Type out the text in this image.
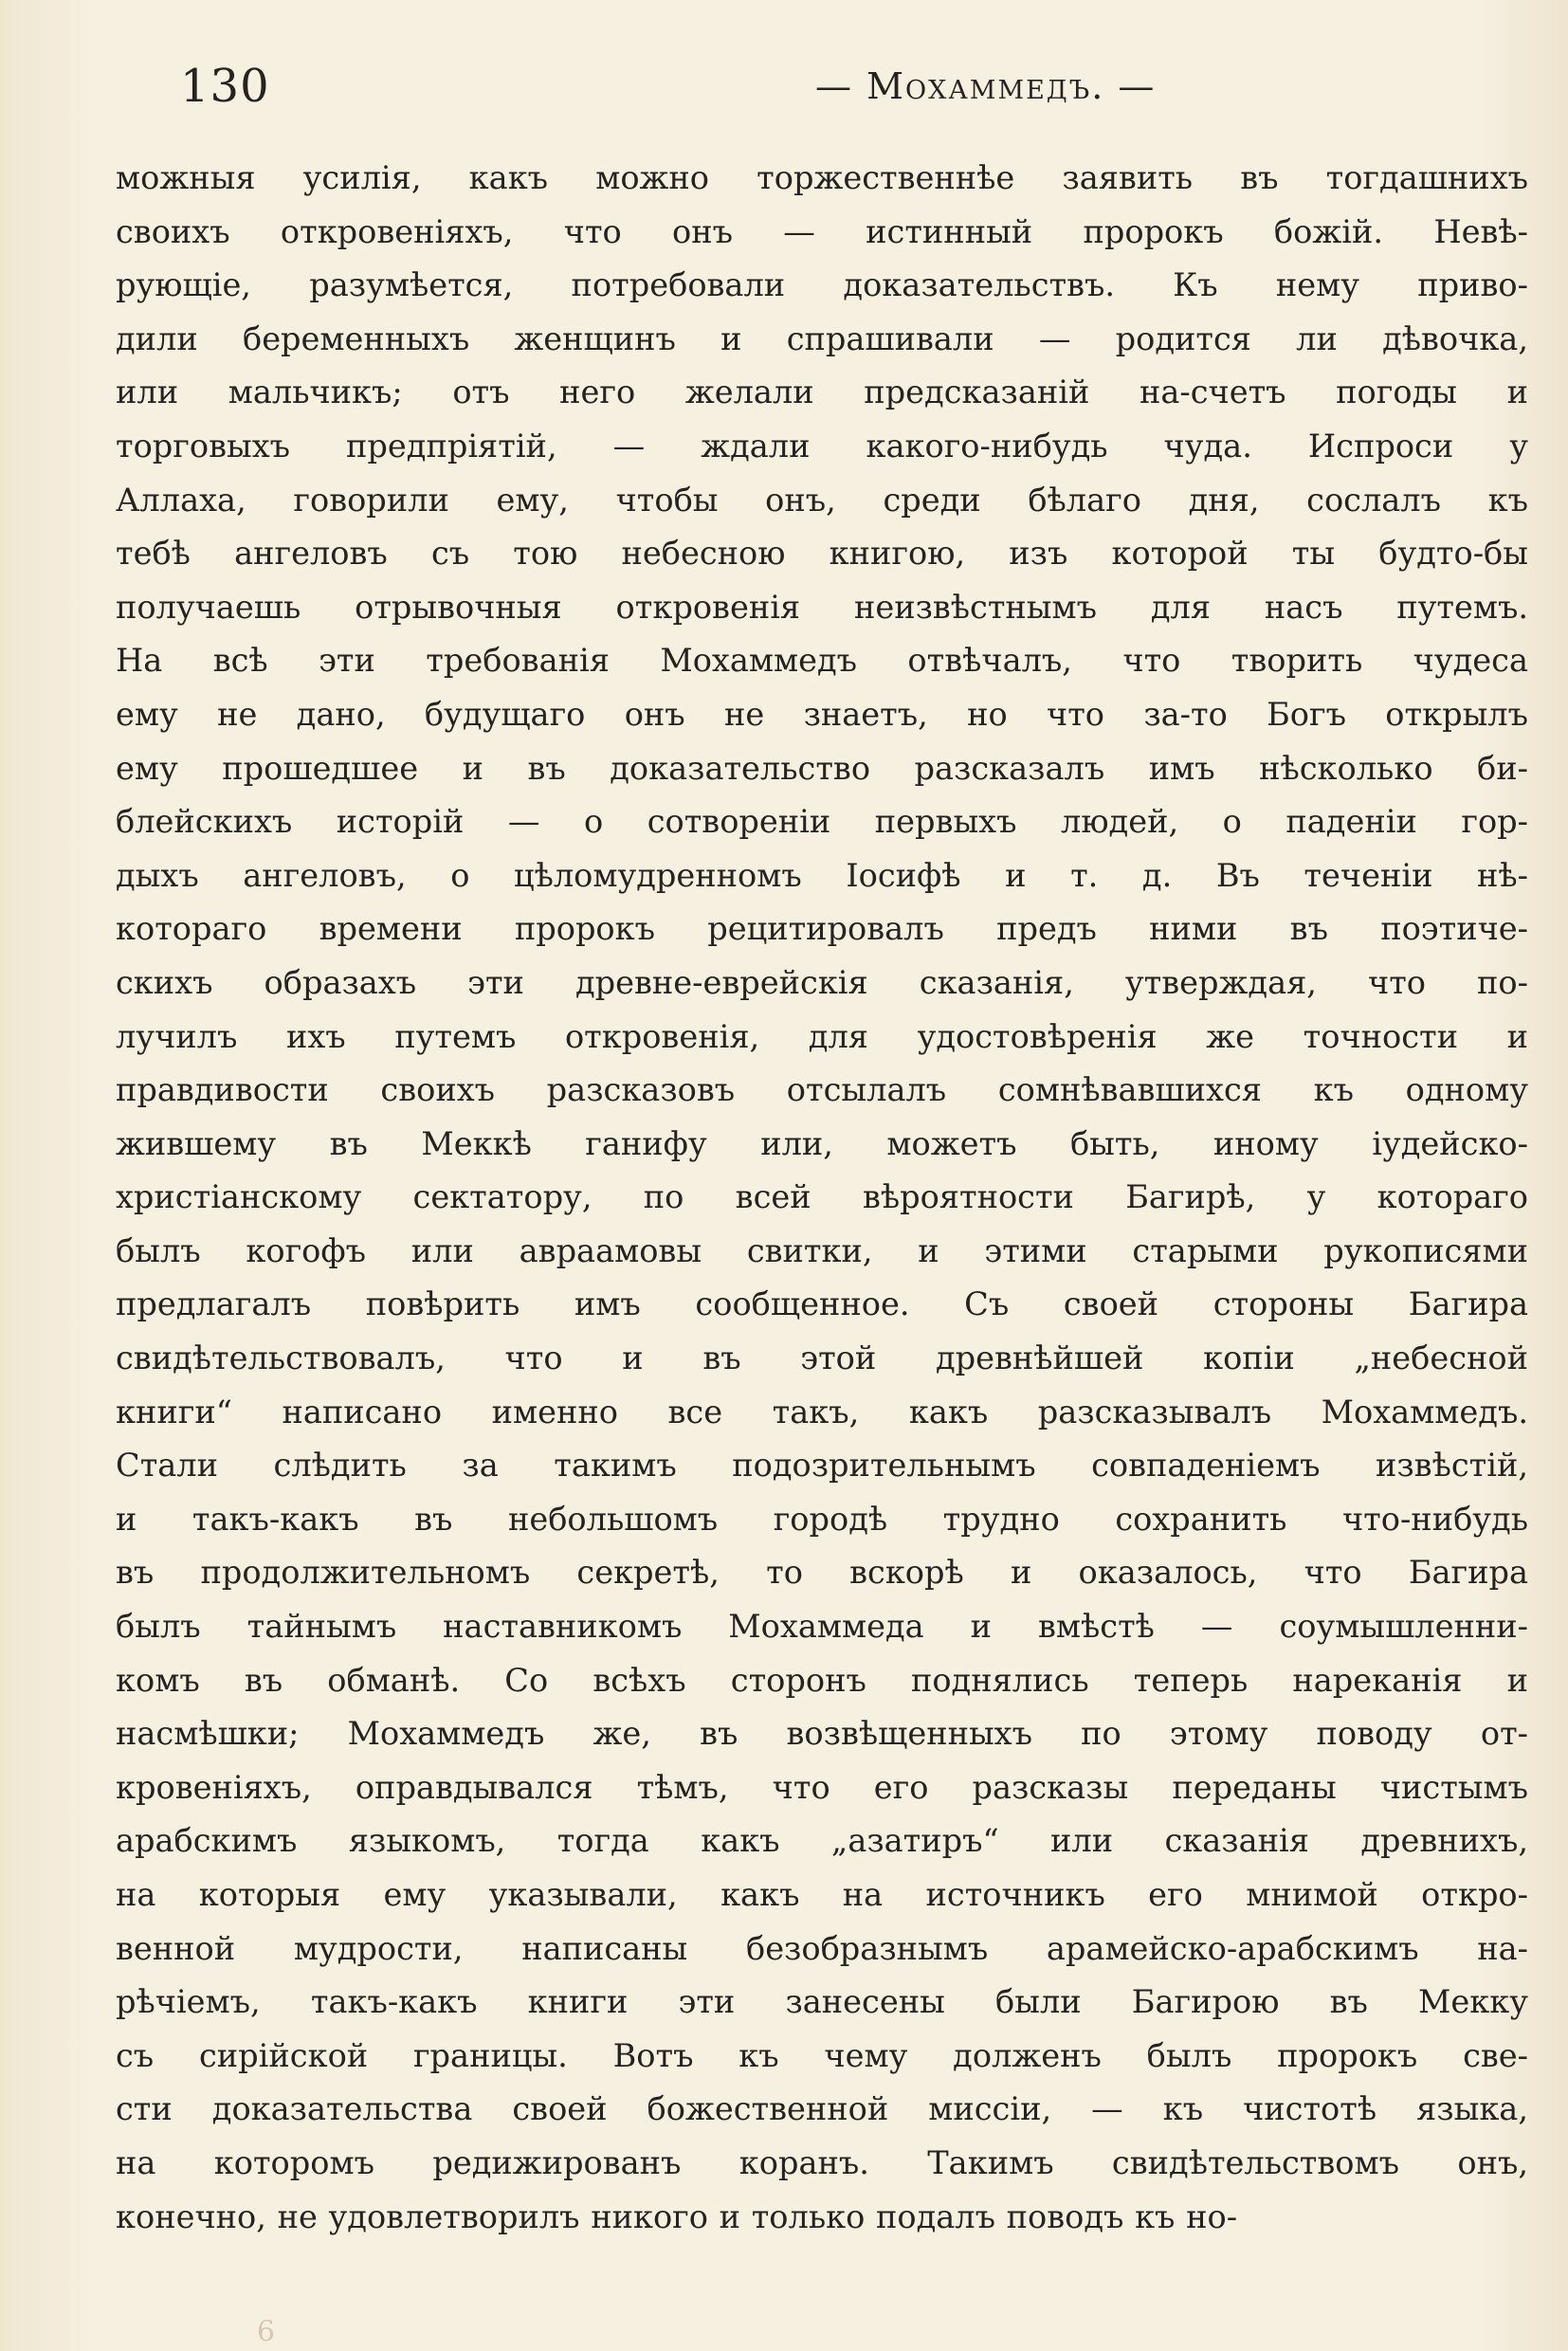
130	— Мохаммедъ. —
можныя усилія, какъ можно торжественнѣе заявить въ тогдашнихъ
своихъ откровеніяхъ, что онъ — истинный пророкъ божій. Невѣ-
рующіе, разумѣется, потребовали доказательствъ. Къ нему приво-
дили беременныхъ женщинъ и спрашивали — родится ли дѣвочка,
или мальчикъ; отъ него желали предсказаній на-счетъ погоды и
торговыхъ предпріятій, — ждали какого-нибудь чуда. Испроси у
Аллаха, говорили ему, чтобы онъ, среди бѣлаго дня, сослалъ къ
тебѣ ангеловъ съ тою небесною книгою, изъ которой ты будто-бы
получаешь отрывочныя откровенія неизвѣстнымъ для насъ путемъ.
На всѣ эти требованія Мохаммедъ отвѣчалъ, что творить чудеса
ему не дано, будущаго онъ не знаетъ, но что за-то Богъ открылъ
ему прошедшее и въ доказательство разсказалъ имъ нѣсколько би-
блейскихъ исторій — о сотвореніи первыхъ людей, о паденіи гор-
дыхъ ангеловъ, о цѣломудренномъ Іосифѣ и т. д. Въ теченіи нѣ-
котораго времени пророкъ рецитировалъ предъ ними въ поэтиче-
скихъ образахъ эти древне-еврейскія сказанія, утверждая, что по-
лучилъ ихъ путемъ откровенія, для удостовѣренія же точности и
правдивости своихъ разсказовъ отсылалъ сомнѣвавшихся къ одному
жившему въ Меккѣ ганифу или, можетъ быть, иному іудейско-
христіанскому сектатору, по всей вѣроятности Багирѣ, у котораго
былъ когофъ или авраамовы свитки, и этими старыми рукописями
предлагалъ повѣрить имъ сообщенное. Съ своей стороны Багира
свидѣтельствовалъ, что и въ этой древнѣйшей копіи „небесной
книги“ написано именно все такъ, какъ разсказывалъ Мохаммедъ.
Стали слѣдить за такимъ подозрительнымъ совпаденіемъ извѣстій,
и такъ-какъ въ небольшомъ городѣ трудно сохранить что-нибудь
въ продолжительномъ секретѣ, то вскорѣ и оказалось, что Багира
былъ тайнымъ наставникомъ Мохаммеда и вмѣстѣ — соумышленни-
комъ въ обманѣ. Со всѣхъ сторонъ поднялись теперь нареканія и
насмѣшки; Мохаммедъ же, въ возвѣщенныхъ по этому поводу от-
кровеніяхъ, оправдывался тѣмъ, что его разсказы переданы чистымъ
арабскимъ языкомъ, тогда какъ „азатиръ“ или сказанія древнихъ,
на которыя ему указывали, какъ на источникъ его мнимой откро-
венной мудрости, написаны безобразнымъ арамейско-арабскимъ на-
рѣчіемъ, такъ-какъ книги эти занесены были Багирою въ Мекку
съ сирійской границы. Вотъ къ чему долженъ былъ пророкъ све-
сти доказательства своей божественной миссіи, — къ чистотѣ языка,
на которомъ редижированъ коранъ. Такимъ свидѣтельствомъ онъ,
конечно, не удовлетворилъ никого и только подалъ поводъ къ но-
9
